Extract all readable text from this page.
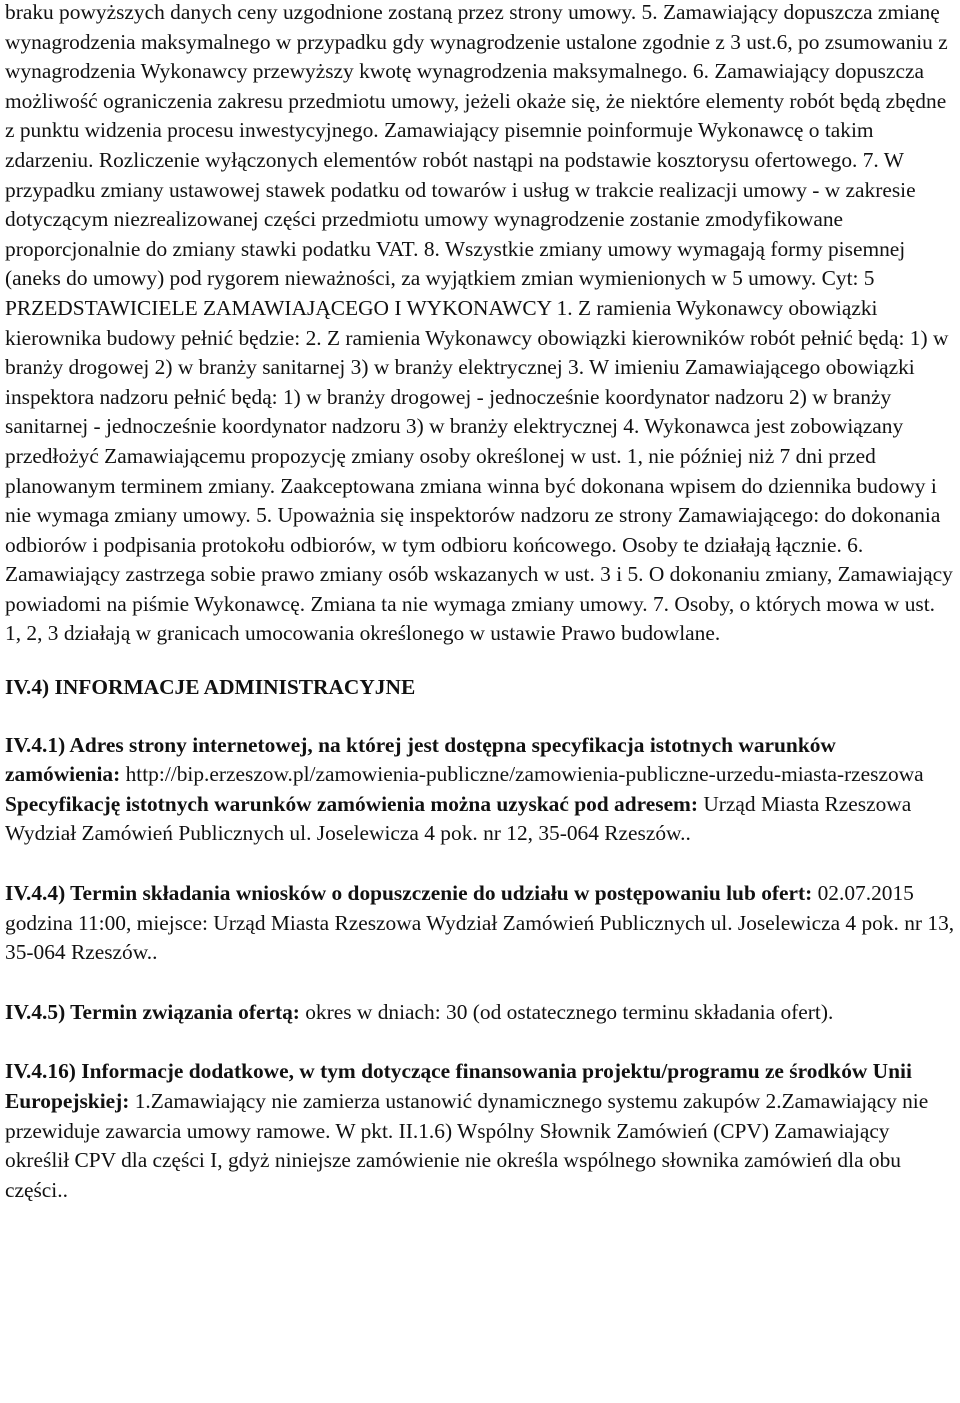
braku powyższych danych ceny uzgodnione zostaną przez strony umowy. 5. Zamawiający dopuszcza zmianę wynagrodzenia maksymalnego w przypadku gdy wynagrodzenie ustalone zgodnie z 3 ust.6, po zsumowaniu z wynagrodzenia Wykonawcy przewyższy kwotę wynagrodzenia maksymalnego. 6. Zamawiający dopuszcza możliwość ograniczenia zakresu przedmiotu umowy, jeżeli okaże się, że niektóre elementy robót będą zbędne z punktu widzenia procesu inwestycyjnego. Zamawiający pisemnie poinformuje Wykonawcę o takim zdarzeniu. Rozliczenie wyłączonych elementów robót nastąpi na podstawie kosztorysu ofertowego. 7. W przypadku zmiany ustawowej stawek podatku od towarów i usług w trakcie realizacji umowy - w zakresie dotyczącym niezrealizowanej części przedmiotu umowy wynagrodzenie zostanie zmodyfikowane proporcjonalnie do zmiany stawki podatku VAT. 8. Wszystkie zmiany umowy wymagają formy pisemnej (aneks do umowy) pod rygorem nieważności, za wyjątkiem zmian wymienionych w 5 umowy. Cyt: 5 PRZEDSTAWICIELE ZAMAWIAJĄCEGO I WYKONAWCY 1. Z ramienia Wykonawcy obowiązki kierownika budowy pełnić będzie: 2. Z ramienia Wykonawcy obowiązki kierowników robót pełnić będą: 1) w branży drogowej 2) w branży sanitarnej 3) w branży elektrycznej 3. W imieniu Zamawiającego obowiązki inspektora nadzoru pełnić będą: 1) w branży drogowej - jednocześnie koordynator nadzoru 2) w branży sanitarnej - jednocześnie koordynator nadzoru 3) w branży elektrycznej 4. Wykonawca jest zobowiązany przedłożyć Zamawiającemu propozycję zmiany osoby określonej w ust. 1, nie później niż 7 dni przed planowanym terminem zmiany. Zaakceptowana zmiana winna być dokonana wpisem do dziennika budowy i nie wymaga zmiany umowy. 5. Upoważnia się inspektorów nadzoru ze strony Zamawiającego: do dokonania odbiorów i podpisania protokołu odbiorów, w tym odbioru końcowego. Osoby te działają łącznie. 6. Zamawiający zastrzega sobie prawo zmiany osób wskazanych w ust. 3 i 5. O dokonaniu zmiany, Zamawiający powiadomi na piśmie Wykonawcę. Zmiana ta nie wymaga zmiany umowy. 7. Osoby, o których mowa w ust. 1, 2, 3 działają w granicach umocowania określonego w ustawie Prawo budowlane.

IV.4) INFORMACJE ADMINISTRACYJNE

IV.4.1) Adres strony internetowej, na której jest dostępna specyfikacja istotnych warunków zamówienia: http://bip.erzeszow.pl/zamowienia-publiczne/zamowienia-publiczne-urzedu-miasta-rzeszowa

Specyfikację istotnych warunków zamówienia można uzyskać pod adresem: Urząd Miasta Rzeszowa Wydział Zamówień Publicznych ul. Joselewicza 4 pok. nr 12, 35-064 Rzeszów..

IV.4.4) Termin składania wniosków o dopuszczenie do udziału w postępowaniu lub ofert: 02.07.2015 godzina 11:00, miejsce: Urząd Miasta Rzeszowa Wydział Zamówień Publicznych ul. Joselewicza 4 pok. nr 13, 35-064 Rzeszów..

IV.4.5) Termin związania ofertą: okres w dniach: 30 (od ostatecznego terminu składania ofert).

IV.4.16) Informacje dodatkowe, w tym dotyczące finansowania projektu/programu ze środków Unii Europejskiej: 1.Zamawiający nie zamierza ustanowić dynamicznego systemu zakupów 2.Zamawiający nie przewiduje zawarcia umowy ramowe. W pkt. II.1.6) Wspólny Słownik Zamówień (CPV) Zamawiający określił CPV dla części I, gdyż niniejsze zamówienie nie określa wspólnego słownika zamówień dla obu części..
